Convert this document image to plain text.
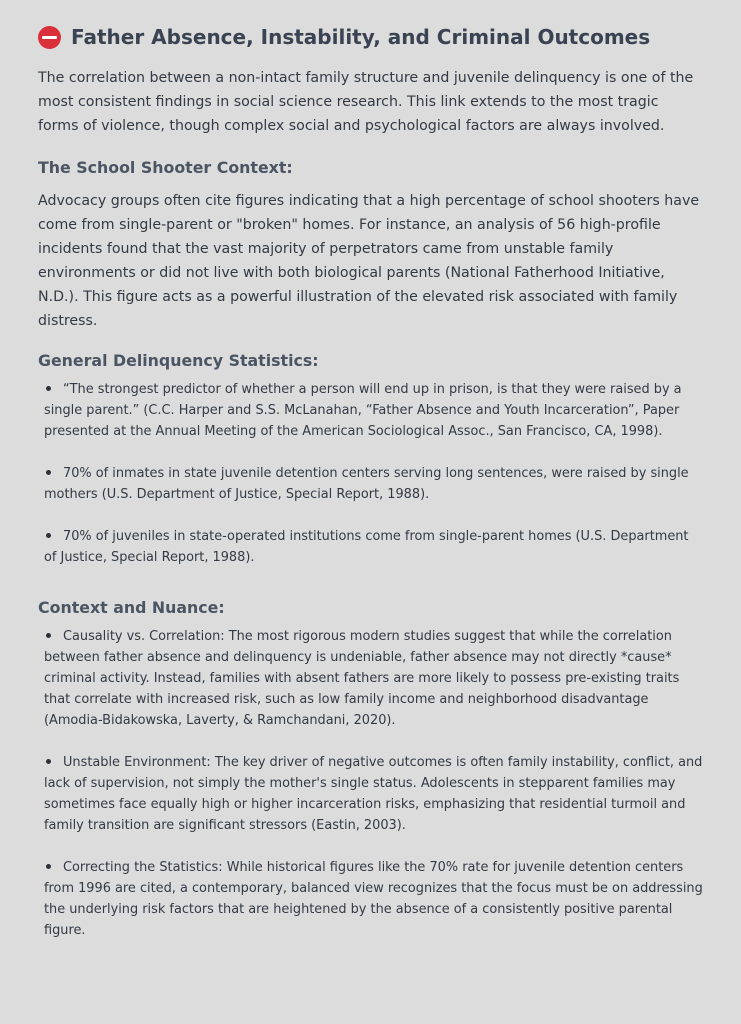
Father Absence, Instability, and Criminal Outcomes

The correlation between a non-intact family structure and juvenile delinquency is one of the most consistent findings in social science research. This link extends to the most tragic forms of violence, though complex social and psychological factors are always involved.

The School Shooter Context:

Advocacy groups often cite figures indicating that a high percentage of school shooters have come from single-parent or "broken" homes. For instance, an analysis of 56 high-profile incidents found that the vast majority of perpetrators came from unstable family environments or did not live with both biological parents (National Fatherhood Initiative, N.D.). This figure acts as a powerful illustration of the elevated risk associated with family distress.

General Delinquency Statistics:
“The strongest predictor of whether a person will end up in prison, is that they were raised by a single parent.” (C.C. Harper and S.S. McLanahan, “Father Absence and Youth Incarceration”, Paper presented at the Annual Meeting of the American Sociological Assoc., San Francisco, CA, 1998).
70% of inmates in state juvenile detention centers serving long sentences, were raised by single mothers (U.S. Department of Justice, Special Report, 1988).
70% of juveniles in state-operated institutions come from single-parent homes (U.S. Department of Justice, Special Report, 1988).
Context and Nuance:
Causality vs. Correlation: The most rigorous modern studies suggest that while the correlation between father absence and delinquency is undeniable, father absence may not directly *cause* criminal activity. Instead, families with absent fathers are more likely to possess pre-existing traits that correlate with increased risk, such as low family income and neighborhood disadvantage (Amodia-Bidakowska, Laverty, & Ramchandani, 2020).
Unstable Environment: The key driver of negative outcomes is often family instability, conflict, and lack of supervision, not simply the mother's single status. Adolescents in stepparent families may sometimes face equally high or higher incarceration risks, emphasizing that residential turmoil and family transition are significant stressors (Eastin, 2003).
Correcting the Statistics: While historical figures like the 70% rate for juvenile detention centers from 1996 are cited, a contemporary, balanced view recognizes that the focus must be on addressing the underlying risk factors that are heightened by the absence of a consistently positive parental figure.
